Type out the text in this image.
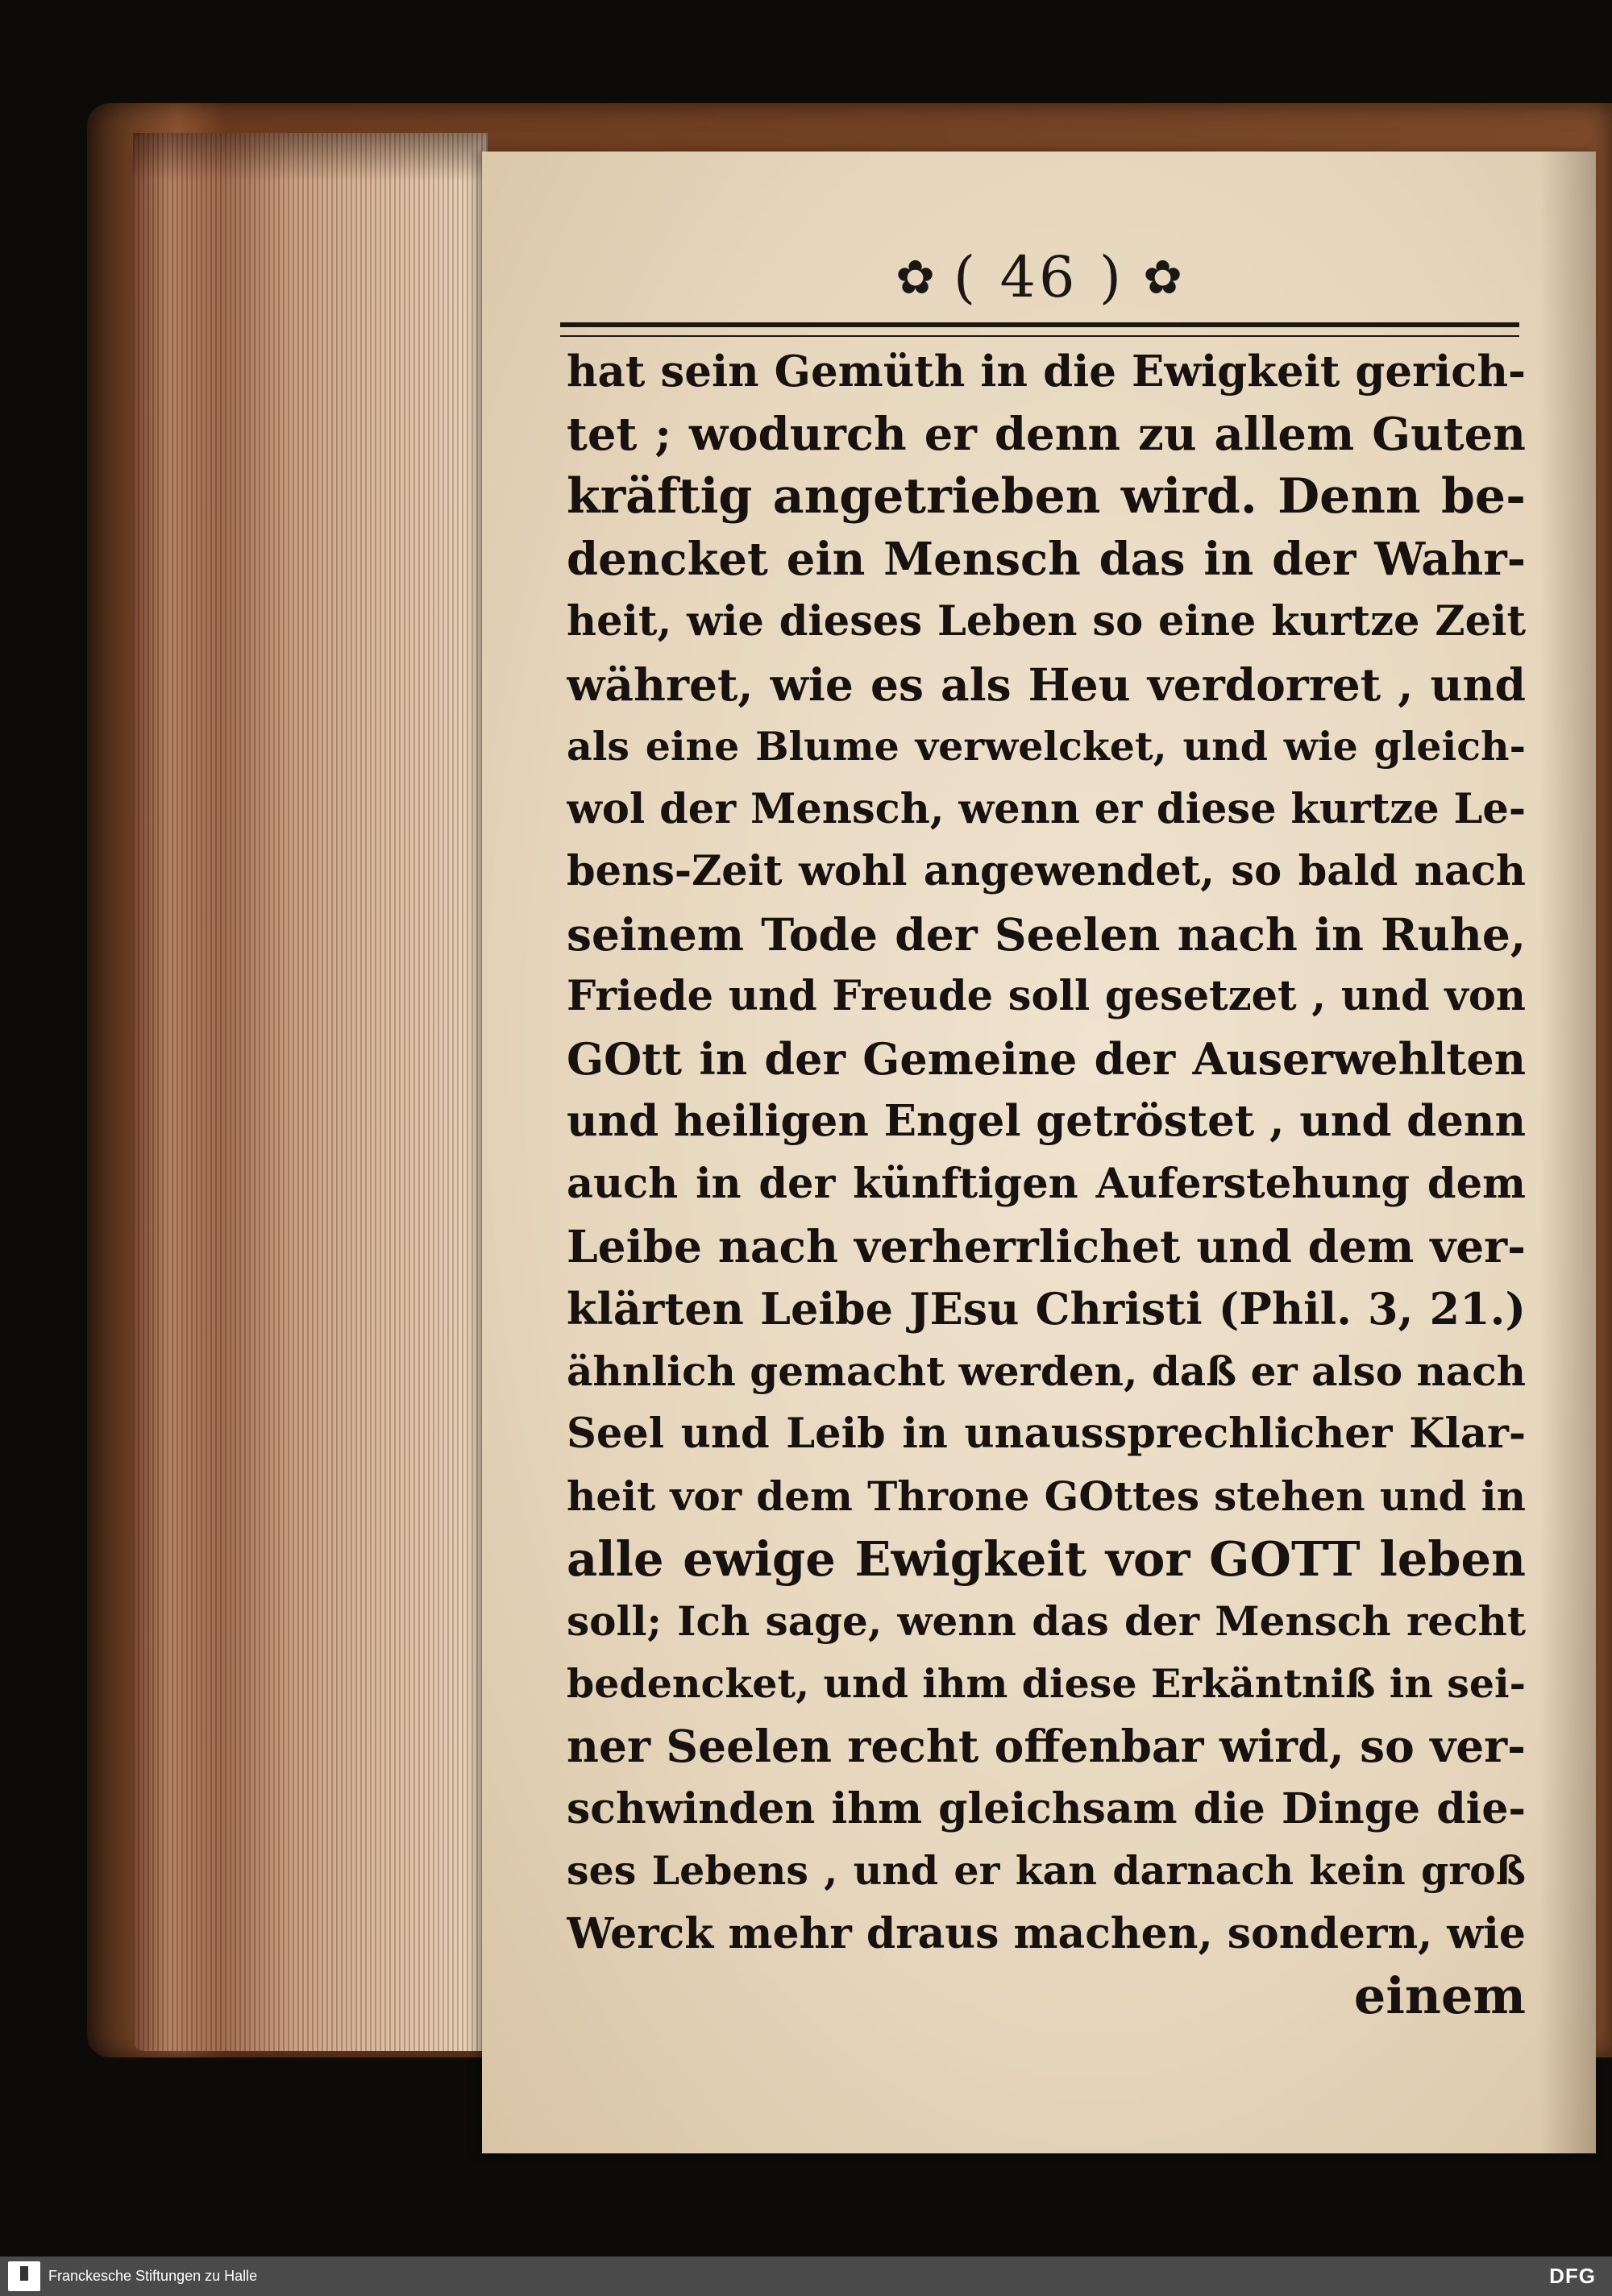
✿ ( 46 ) ✿
hat sein Gemüth in die Ewigkeit gerich-
tet ; wodurch er denn zu allem Guten
kräftig angetrieben wird. Denn be-
dencket ein Mensch das in der Wahr-
heit, wie dieses Leben so eine kurtze Zeit
währet, wie es als Heu verdorret , und
als eine Blume verwelcket, und wie gleich-
wol der Mensch, wenn er diese kurtze Le-
bens-Zeit wohl angewendet, so bald nach
seinem Tode der Seelen nach in Ruhe,
Friede und Freude soll gesetzet , und von
GOtt in der Gemeine der Auserwehlten
und heiligen Engel getröstet , und denn
auch in der künftigen Auferstehung dem
Leibe nach verherrlichet und dem ver-
klärten Leibe JEsu Christi (Phil. 3, 21.)
ähnlich gemacht werden, daß er also nach
Seel und Leib in unaussprechlicher Klar-
heit vor dem Throne GOttes stehen und in
alle ewige Ewigkeit vor GOTT leben
soll; Ich sage, wenn das der Mensch recht
bedencket, und ihm diese Erkäntniß in sei-
ner Seelen recht offenbar wird, so ver-
schwinden ihm gleichsam die Dinge die-
ses Lebens , und er kan darnach kein groß
Werck mehr draus machen, sondern, wie
einem
Franckesche Stiftungen zu Halle	DFG
